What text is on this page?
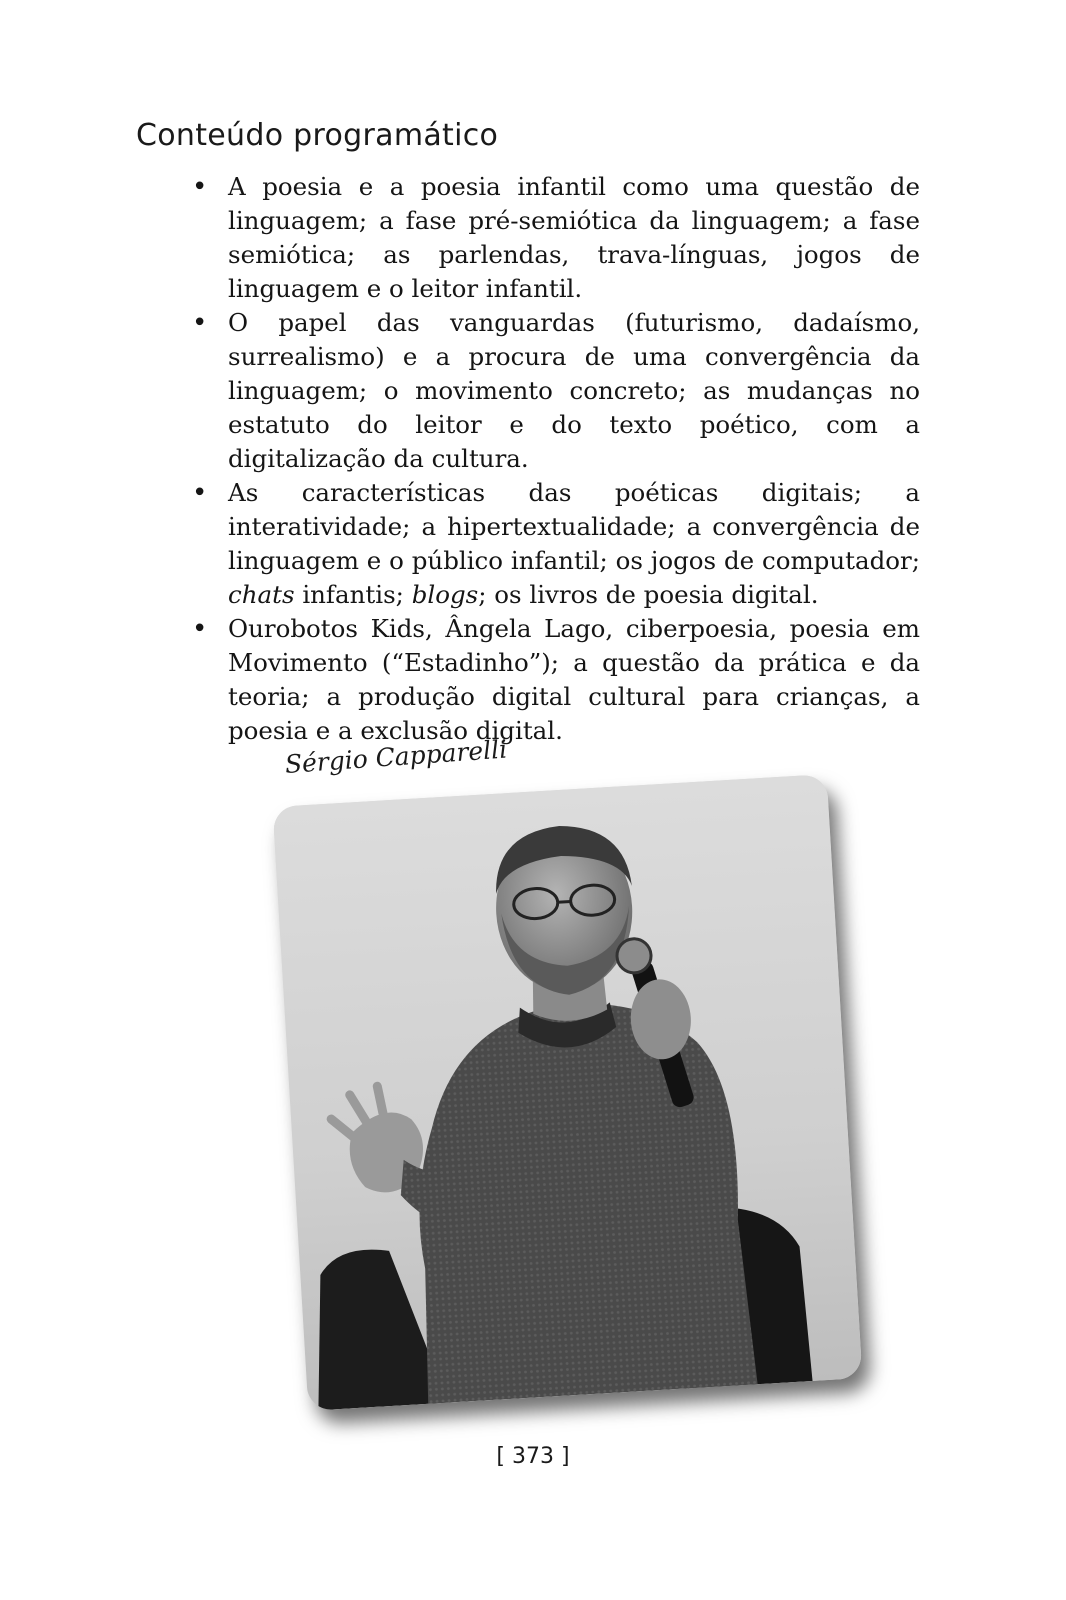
Conteúdo programático
• A poesia e a poesia infantil como uma questão de linguagem; a fase pré-semiótica da linguagem; a fase semiótica; as parlendas, trava-línguas, jogos de linguagem e o leitor infantil.
• O papel das vanguardas (futurismo, dadaísmo, surrealismo) e a procura de uma convergência da linguagem; o movimento concreto; as mudanças no estatuto do leitor e do texto poético, com a digitalização da cultura.
• As características das poéticas digitais; a interatividade; a hipertextualidade; a convergência de linguagem e o público infantil; os jogos de computador; chats infantis; blogs; os livros de poesia digital.
• Ourobotos Kids, Ângela Lago, ciberpoesia, poesia em Movimento (“Estadinho”); a questão da prática e da teoria; a produção digital cultural para crianças, a poesia e a exclusão digital.
Sérgio Capparelli
[ 373 ]
